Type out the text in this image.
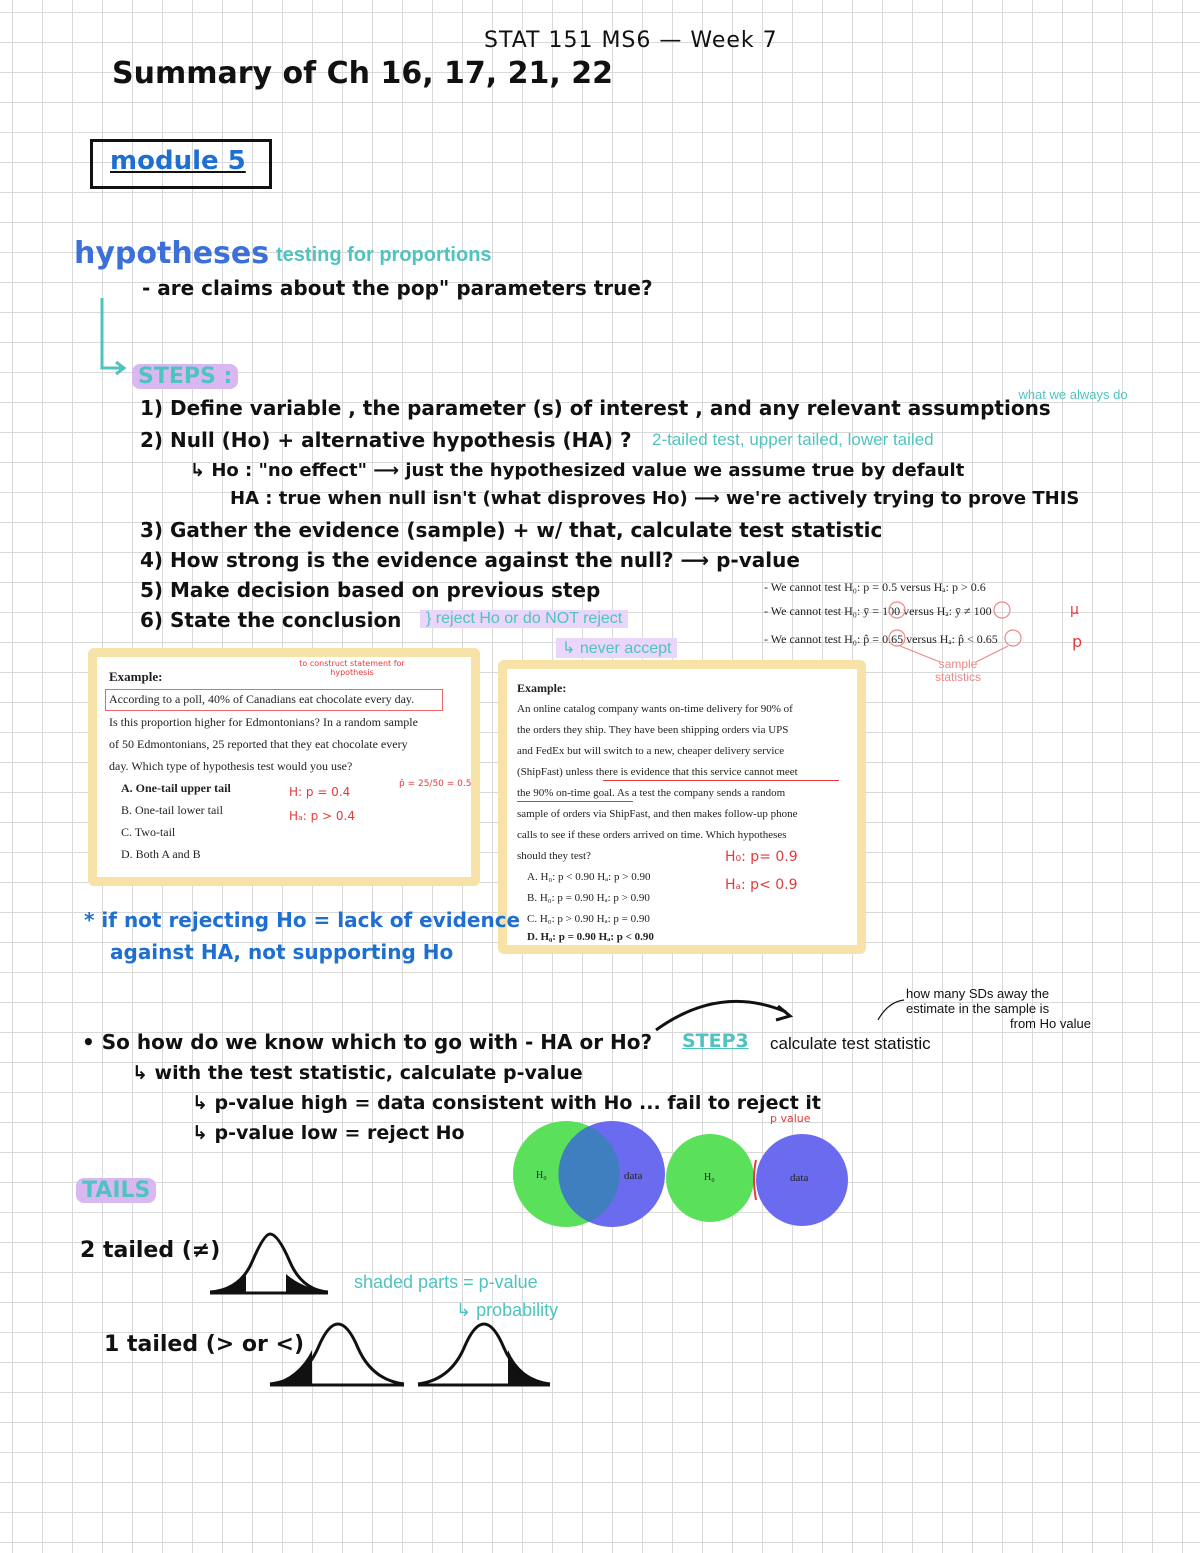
STAT 151 MS6 — Week 7
Summary of Ch 16, 17, 21, 22
module 5
hypotheses testing for proportions
- are claims about the pop" parameters true?
STEPS :
1) Define variable , the parameter (s) of interest , and any relevant assumptions
what we always do
2) Null (Ho) + alternative hypothesis (HA) ? 2-tailed test, upper tailed, lower tailed
↳ Ho : "no effect" ⟶ just the hypothesized value we assume true by default
HA : true when null isn't (what disproves Ho) ⟶ we're actively trying to prove THIS
3) Gather the evidence (sample) + w/ that, calculate test statistic
4) How strong is the evidence against the null? ⟶ p-value
5) Make decision based on previous step
6) State the conclusion	} reject Ho or do NOT reject
↳ never accept
- We cannot test H₀: p = 0.5 versus Hₐ: p > 0.6
- We cannot test H₀: ȳ = 100 versus Hₐ: ȳ ≠ 100
- We cannot test H₀: p̂ = 0.65 versus Hₐ: p̂ < 0.65
μ
p
sample statistics
Example:
to construct statement for hypothesis
According to a poll, 40% of Canadians eat chocolate every day.
Is this proportion higher for Edmontonians? In a random sample
of 50 Edmontonians, 25 reported that they eat chocolate every
day. Which type of hypothesis test would you use?
A. One-tail upper tail
B. One-tail lower tail
C. Two-tail
D. Both A and B
H: p = 0.4
Hₐ: p > 0.4
p̂ = 25/50 = 0.5
Example:
An online catalog company wants on-time delivery for 90% of
the orders they ship. They have been shipping orders via UPS
and FedEx but will switch to a new, cheaper delivery service
(ShipFast) unless there is evidence that this service cannot meet
the 90% on-time goal. As a test the company sends a random
sample of orders via ShipFast, and then makes follow-up phone
calls to see if these orders arrived on time. Which hypotheses
should they test?
A. H₀: p < 0.90 Hₐ: p > 0.90
B. H₀: p = 0.90 Hₐ: p > 0.90
C. H₀: p > 0.90 Hₐ: p = 0.90
D. H₀: p = 0.90 Hₐ: p < 0.90
H₀: p= 0.9
Hₐ: p< 0.9
* if not rejecting Ho = lack of evidence
against HA, not supporting Ho
how many SDs away the
estimate in the sample is
from Ho value
• So how do we know which to go with - HA or Ho? STEP3 calculate test statistic
↳ with the test statistic, calculate p-value
↳ p-value high = data consistent with Ho ... fail to reject it
↳ p-value low = reject Ho
H₀	data	H₀	data
p value
TAILS
2 tailed (≠)
shaded parts = p-value
↳ probability
1 tailed (> or <)
